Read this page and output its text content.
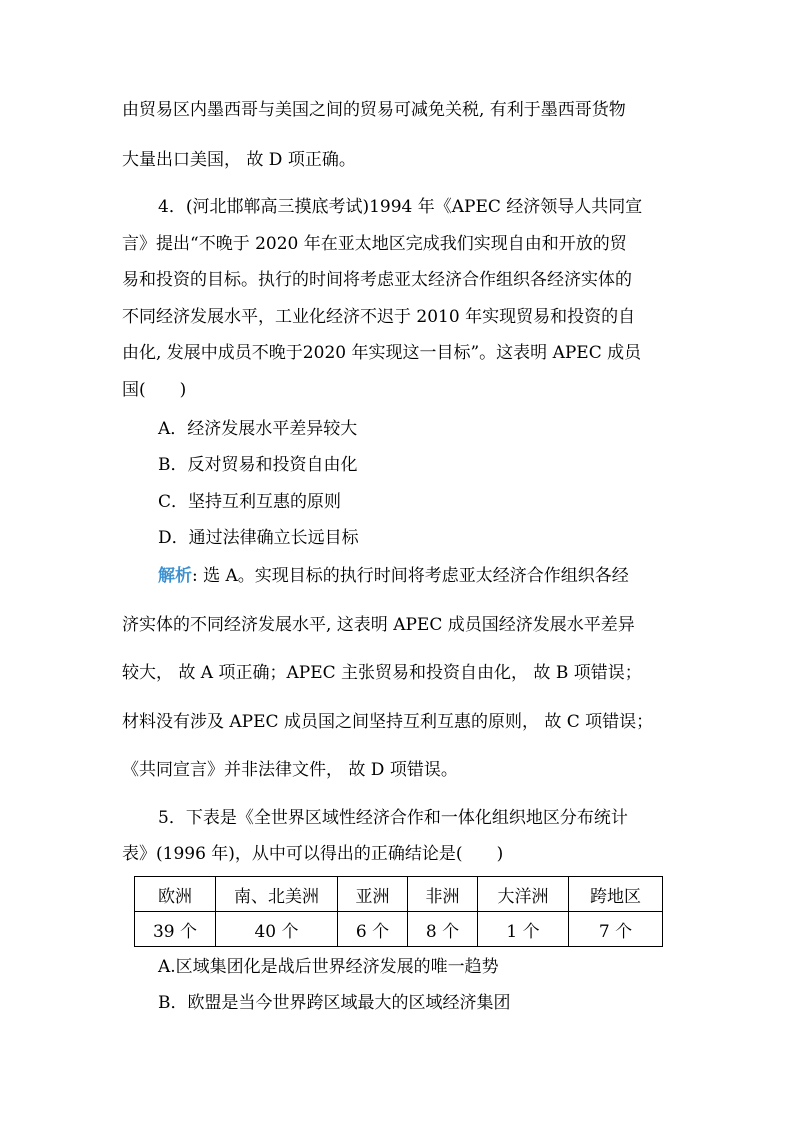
由贸易区内墨西哥与美国之间的贸易可减免关税, 有利于墨西哥货物
大量出口美国， 故 D 项正确。
4．(河北邯郸高三摸底考试)1994 年《APEC 经济领导人共同宣
言》提出“不晚于 2020 年在亚太地区完成我们实现自由和开放的贸
易和投资的目标。执行的时间将考虑亚太经济合作组织各经济实体的
不同经济发展水平，工业化经济不迟于 2010 年实现贸易和投资的自
由化, 发展中成员不晚于2020 年实现这一目标”。这表明 APEC 成员
国(　　)
A．经济发展水平差异较大
B．反对贸易和投资自由化
C．坚持互利互惠的原则
D．通过法律确立长远目标
解析: 选 A。实现目标的执行时间将考虑亚太经济合作组织各经
济实体的不同经济发展水平, 这表明 APEC 成员国经济发展水平差异
较大， 故 A 项正确；APEC 主张贸易和投资自由化， 故 B 项错误；
材料没有涉及 APEC 成员国之间坚持互利互惠的原则， 故 C 项错误；
《共同宣言》并非法律文件， 故 D 项错误。
5．下表是《全世界区域性经济合作和一体化组织地区分布统计
表》(1996 年)，从中可以得出的正确结论是(　　)
欧洲	南、北美洲	亚洲	非洲	大洋洲	跨地区
39 个	40 个	6 个	8 个	1 个	7 个
A.区域集团化是战后世界经济发展的唯一趋势
B．欧盟是当今世界跨区域最大的区域经济集团
